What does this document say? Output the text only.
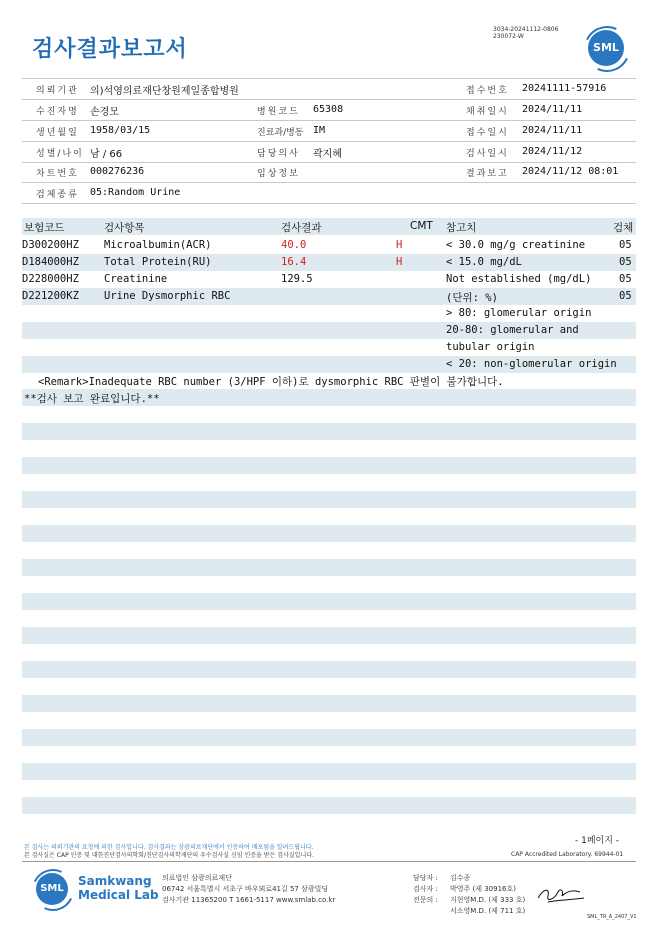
검사결과보고서
3034-20241112-0806
230072-W
SML
의뢰기관 의)석영의료재단창원제일종합병원	접수번호 20241111-57916
수진자명 손경모	병원코드 65308	채취일시 2024/11/11
생년월일 1958/03/15	진료과/병동 IM	접수일시 2024/11/11
성별/나이 남 / 66	담당의사 곽지혜	검사일시 2024/11/12
차트번호 000276236	임상정보	결과보고 2024/11/12 08:01
검체종류 05:Random Urine
보험코드	검사항목	검사결과	CMT 참고치	검체
D300200HZ Microalbumin(ACR)	40.0	H	< 30.0 mg/g creatinine	05
D184000HZ Total Protein(RU)	16.4	H	< 15.0 mg/dL	05
D228000HZ Creatinine	129.5	Not established (mg/dL)	05
D221200KZ Urine Dysmorphic RBC	(단위: %)	05
> 80: glomerular origin
20-80: glomerular and
tubular origin
< 20: non-glomerular origin
<Remark>Inadequate RBC number (3/HPF 이하)로 dysmorphic RBC 판별이 불가합니다.
**검사 보고 완료입니다.**
본 검사는 의뢰기관의 요청에 의한 검사입니다. 검사결과는 삼광의료재단에서 인증하여 배포됨을 알려드립니다.
본 검사실은 CAP 인증 및 대한진단검사의학회/진단검사의학재단의 우수검사실 신임 인증을 받은 검사실입니다.
- 1페이지 -
CAP Accredited Laboratory. 69944-01
SML
Samkwang
Medical Lab
의료법인 삼광의료재단
06742 서울특별시 서초구 바우뫼로41길 57 삼광빌딩
검사기관 11365200 T 1661-5117 www.smlab.co.kr
담당자 : 김수종
검사자 : 박영주 (제 30916호)
전문의 : 지현영M.D. (제 333 호)
서소영M.D. (제 711 호)
SML_TR_A_2407_V1
